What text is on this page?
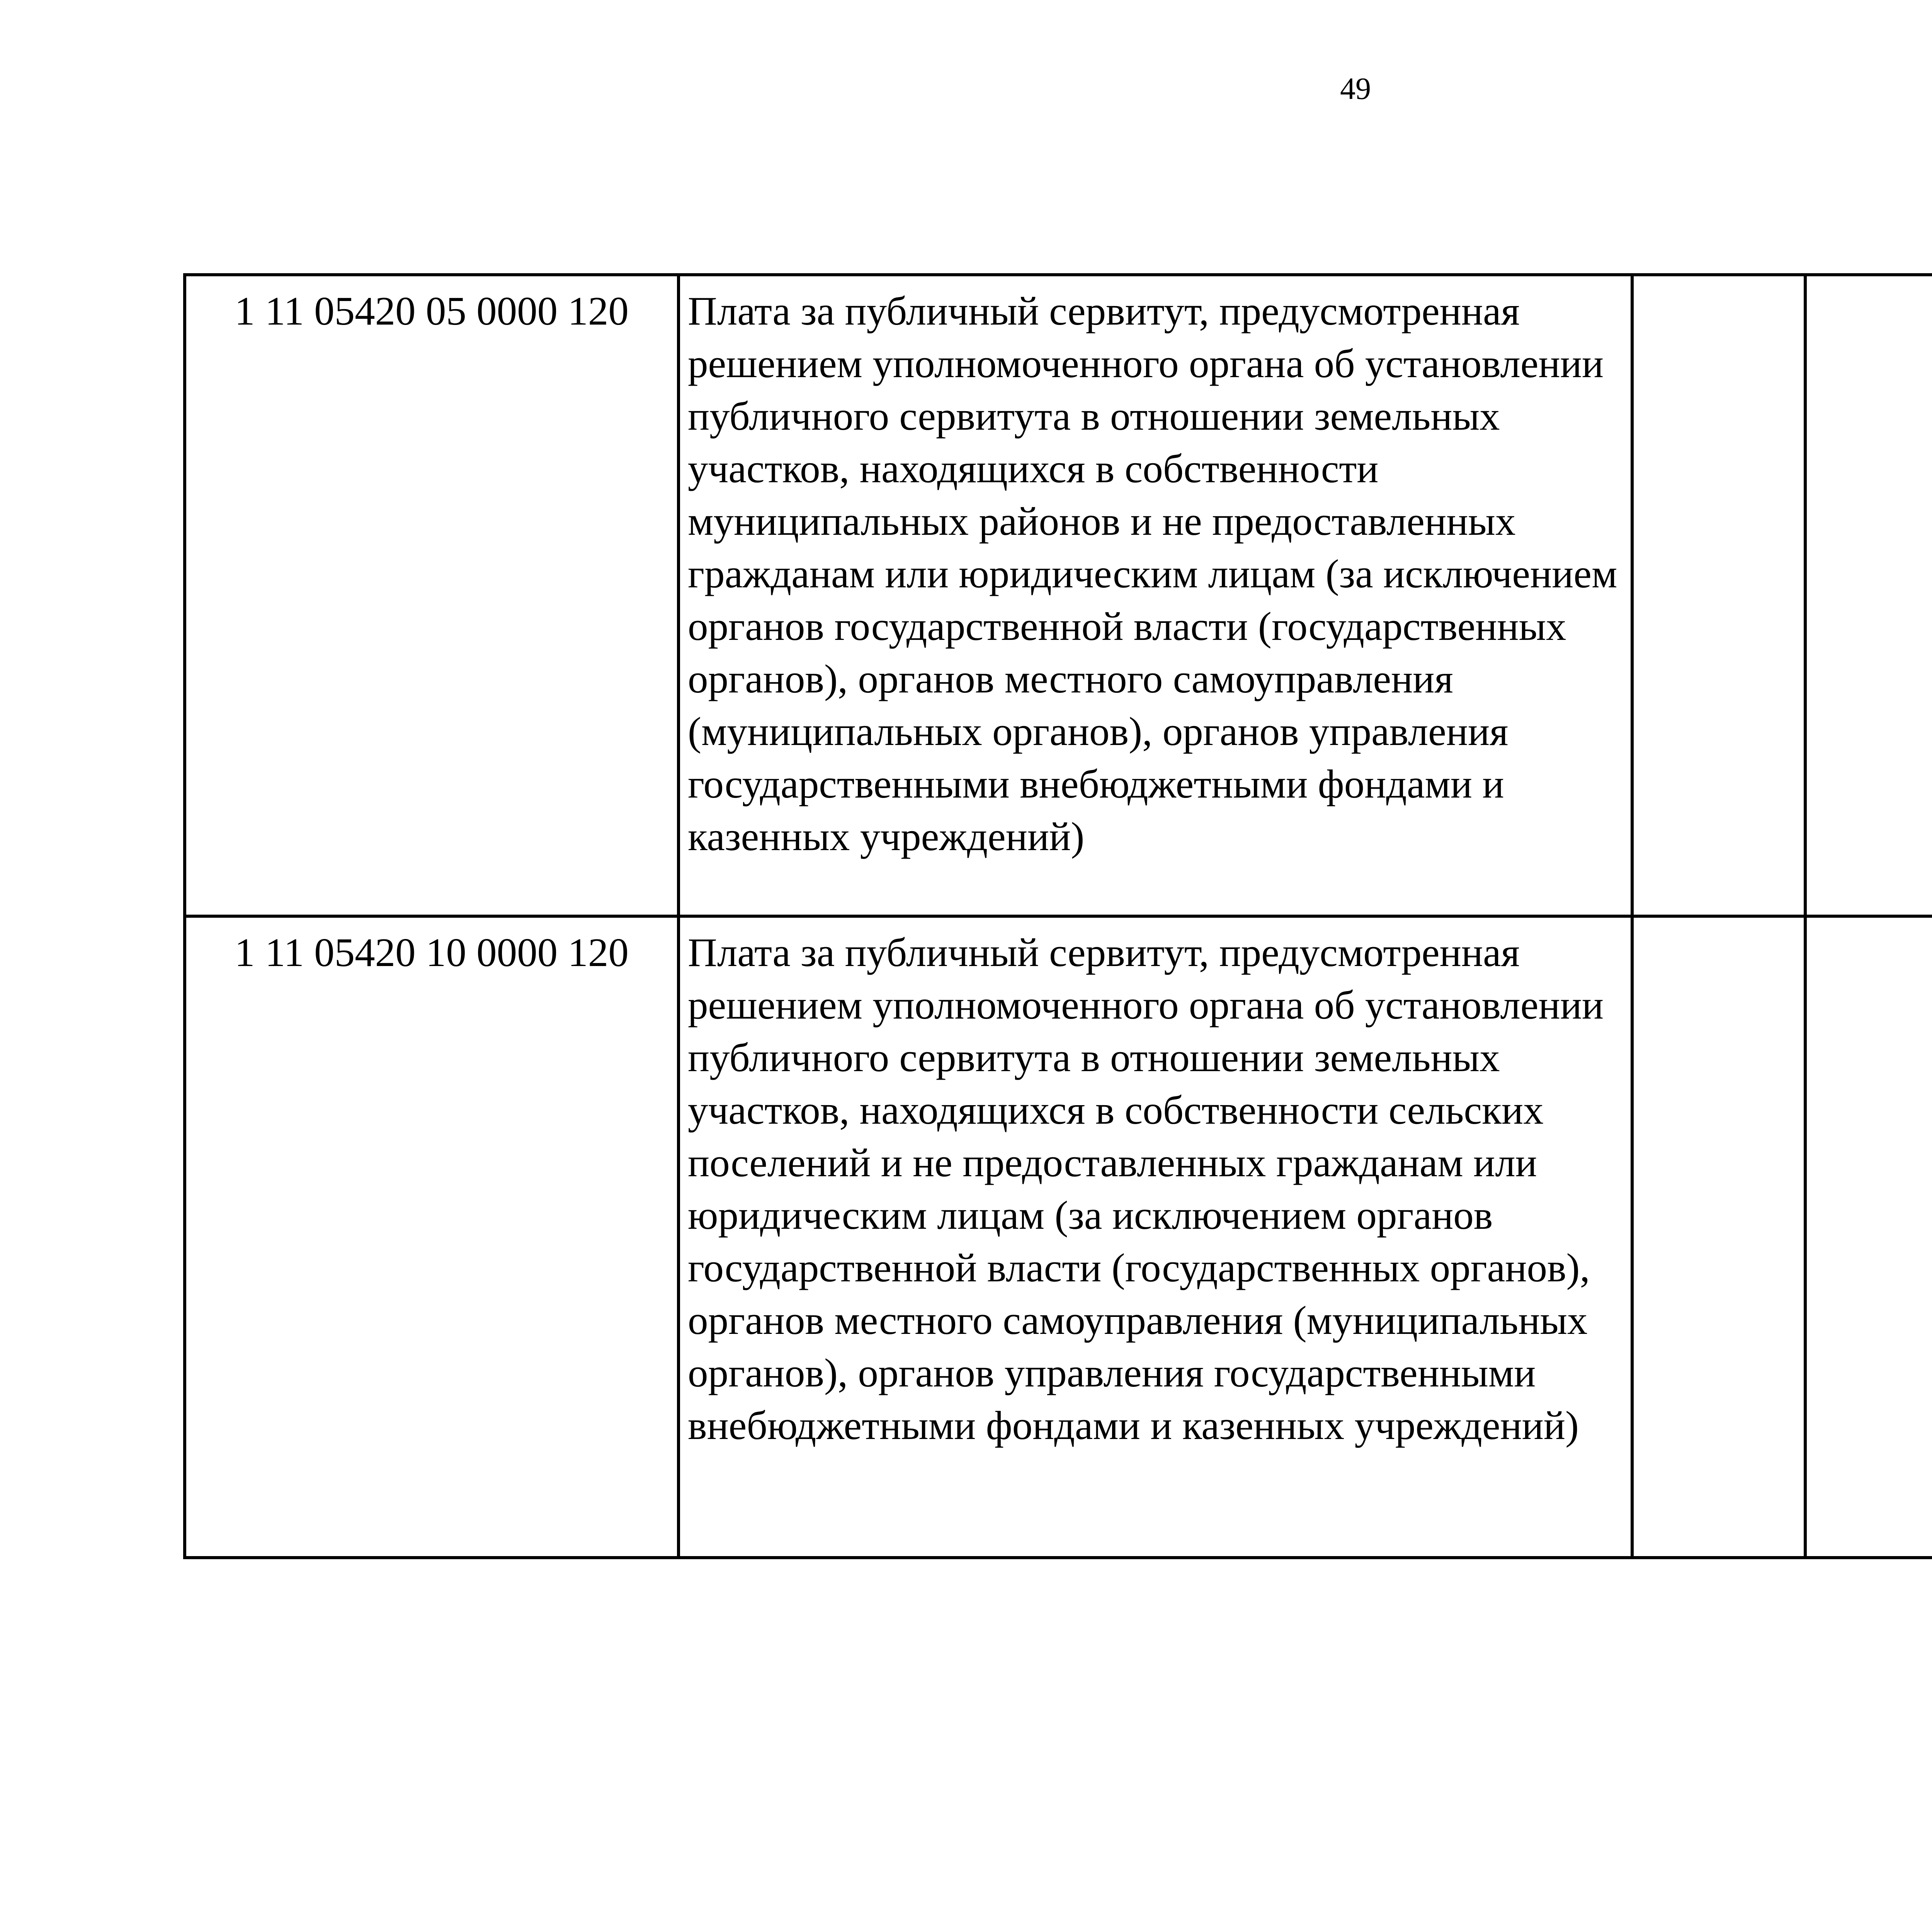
49
1 11 05420 05 0000 120	Плата за публичный сервитут, предусмотренная решением уполномоченного органа об установлении публичного сервитута в отношении земельных участков, находящихся в собственности муниципальных районов и не предоставленных гражданам или юридическим лицам (за исключением органов государственной власти (государственных органов), органов местного самоуправления (муниципальных органов), органов управления государственными внебюджетными фондами и казенных учреждений)					
1 11 05420 10 0000 120	Плата за публичный сервитут, предусмотренная решением уполномоченного органа об установлении публичного сервитута в отношении земельных участков, находящихся в собственности сельских поселений и не предоставленных гражданам или юридическим лицам (за исключением органов государственной власти (государственных органов), органов местного самоуправления (муниципальных органов), органов управления государственными внебюджетными фондами и казенных учреждений)					
